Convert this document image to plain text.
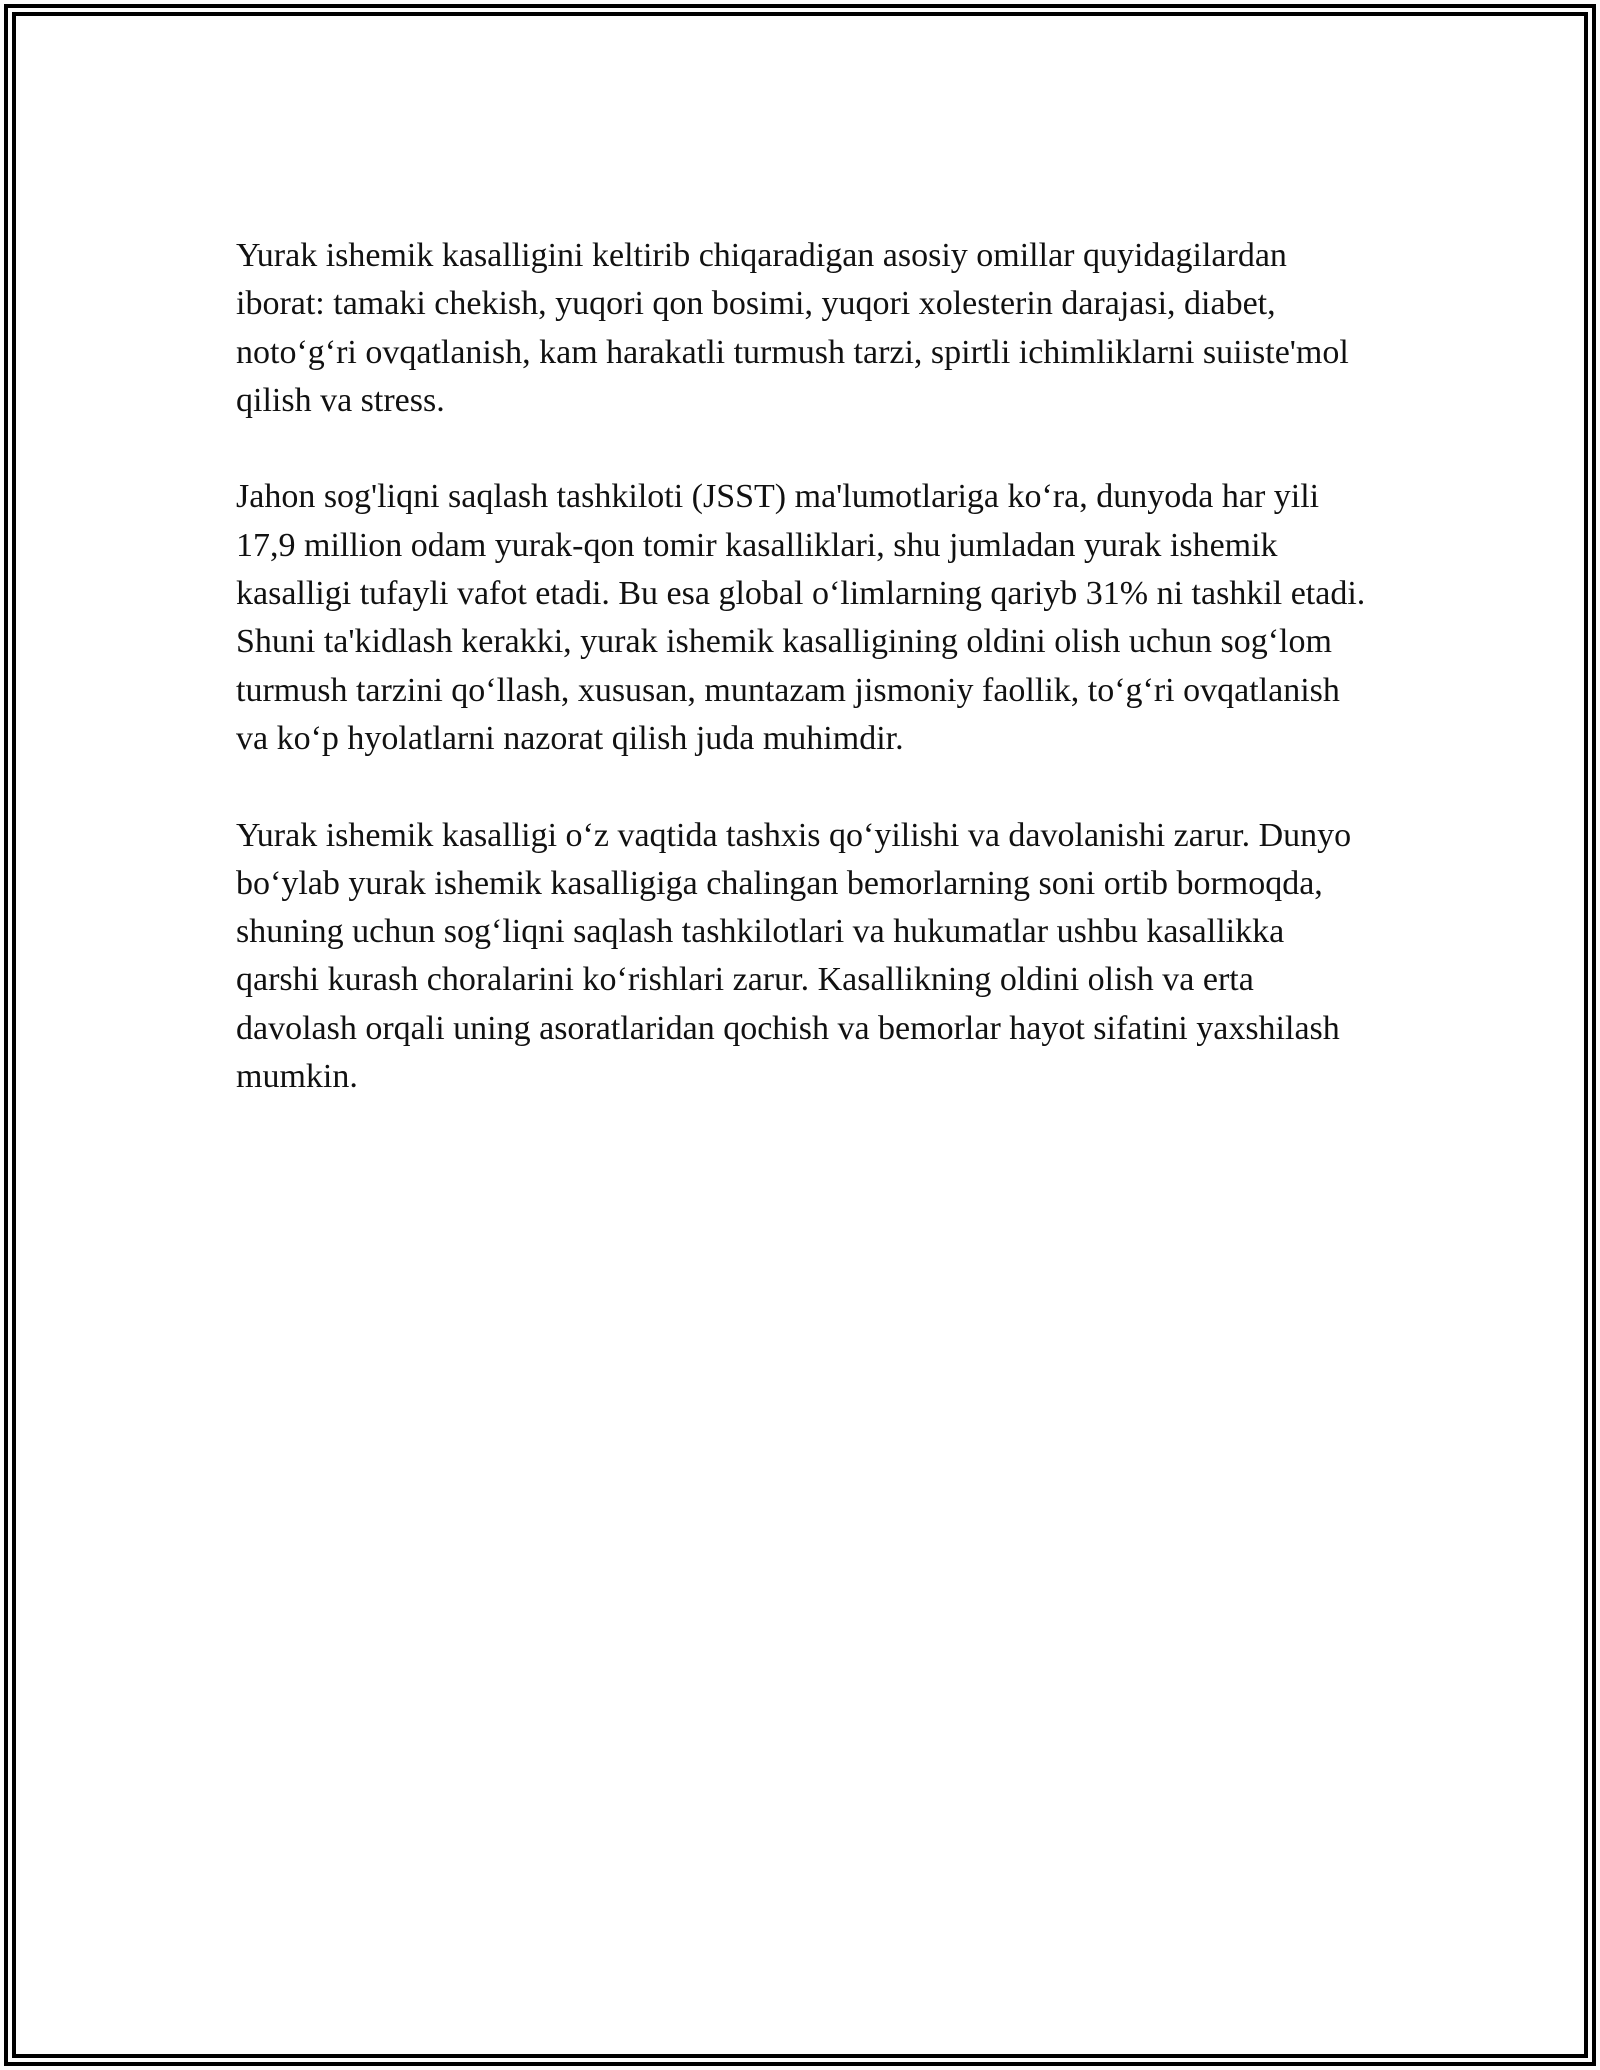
Yurak ishemik kasalligini keltirib chiqaradigan asosiy omillar quyidagilardan iborat: tamaki chekish, yuqori qon bosimi, yuqori xolesterin darajasi, diabet, noto‘g‘ri ovqatlanish, kam harakatli turmush tarzi, spirtli ichimliklarni suiiste'mol qilish va stress.

Jahon sog'liqni saqlash tashkiloti (JSST) ma'lumotlariga ko‘ra, dunyoda har yili 17,9 million odam yurak-qon tomir kasalliklari, shu jumladan yurak ishemik kasalligi tufayli vafot etadi. Bu esa global o‘limlarning qariyb 31% ni tashkil etadi. Shuni ta'kidlash kerakki, yurak ishemik kasalligining oldini olish uchun sog‘lom turmush tarzini qo‘llash, xususan, muntazam jismoniy faollik, to‘g‘ri ovqatlanish va ko‘p hyolatlarni nazorat qilish juda muhimdir.

Yurak ishemik kasalligi o‘z vaqtida tashxis qo‘yilishi va davolanishi zarur. Dunyo bo‘ylab yurak ishemik kasalligiga chalingan bemorlarning soni ortib bormoqda, shuning uchun sog‘liqni saqlash tashkilotlari va hukumatlar ushbu kasallikka qarshi kurash choralarini ko‘rishlari zarur. Kasallikning oldini olish va erta davolash orqali uning asoratlaridan qochish va bemorlar hayot sifatini yaxshilash mumkin.
